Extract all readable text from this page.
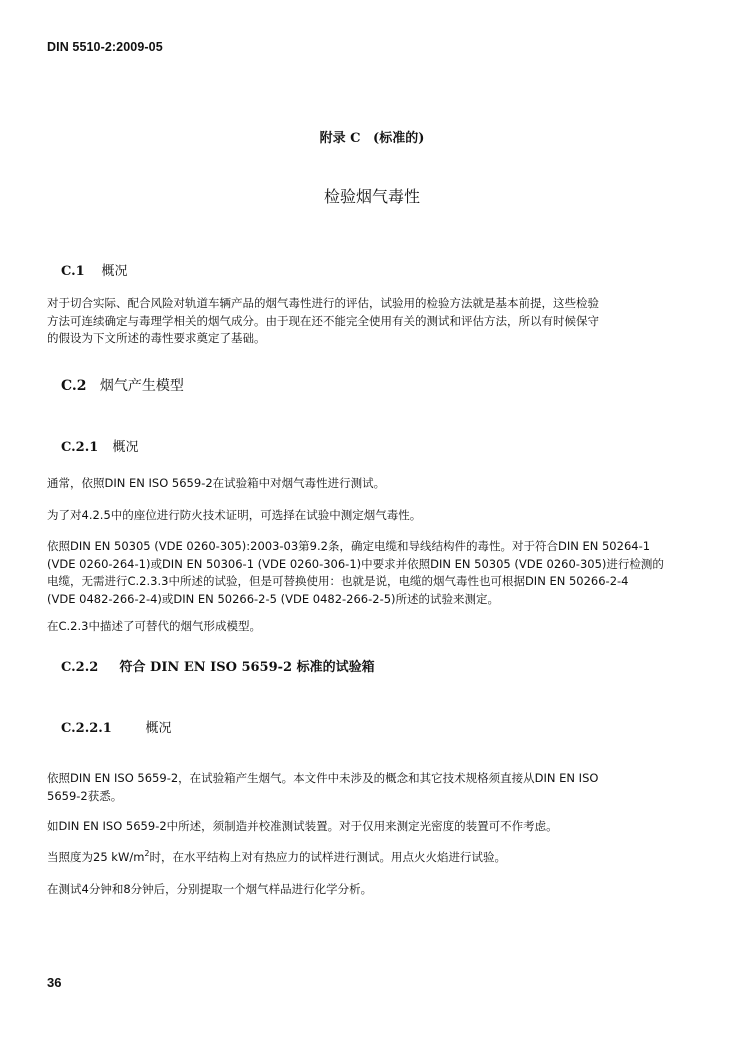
DIN 5510-2:2009-05
附录 C (标准的)
检验烟气毒性
C.1 概况
对于切合实际、配合风险对轨道车辆产品的烟气毒性进行的评估，试验用的检验方法就是基本前提，这些检验
方法可连续确定与毒理学相关的烟气成分。由于现在还不能完全使用有关的测试和评估方法，所以有时候保守
的假设为下文所述的毒性要求奠定了基础。
C.2 烟气产生模型
C.2.1 概况
通常，依照DIN EN ISO 5659-2在试验箱中对烟气毒性进行测试。
为了对4.2.5中的座位进行防火技术证明，可选择在试验中测定烟气毒性。
依照DIN EN 50305 (VDE 0260-305):2003-03第9.2条，确定电缆和导线结构件的毒性。对于符合DIN EN 50264-1
(VDE 0260-264-1)或DIN EN 50306-1 (VDE 0260-306-1)中要求并依照DIN EN 50305 (VDE 0260-305)进行检测的
电缆，无需进行C.2.3.3中所述的试验，但是可替换使用：也就是说，电缆的烟气毒性也可根据DIN EN 50266-2-4
(VDE 0482-266-2-4)或DIN EN 50266-2-5 (VDE 0482-266-2-5)所述的试验来测定。
在C.2.3中描述了可替代的烟气形成模型。
C.2.2 符合 DIN EN ISO 5659-2 标准的试验箱
C.2.2.1	概况
依照DIN EN ISO 5659-2，在试验箱产生烟气。本文件中未涉及的概念和其它技术规格须直接从DIN EN ISO
5659-2获悉。
如DIN EN ISO 5659-2中所述，须制造并校准测试装置。对于仅用来测定光密度的装置可不作考虑。
当照度为25 $kW/m^2$时，在水平结构上对有热应力的试样进行测试。用点火火焰进行试验。
在测试4分钟和8分钟后，分别提取一个烟气样品进行化学分析。
36
